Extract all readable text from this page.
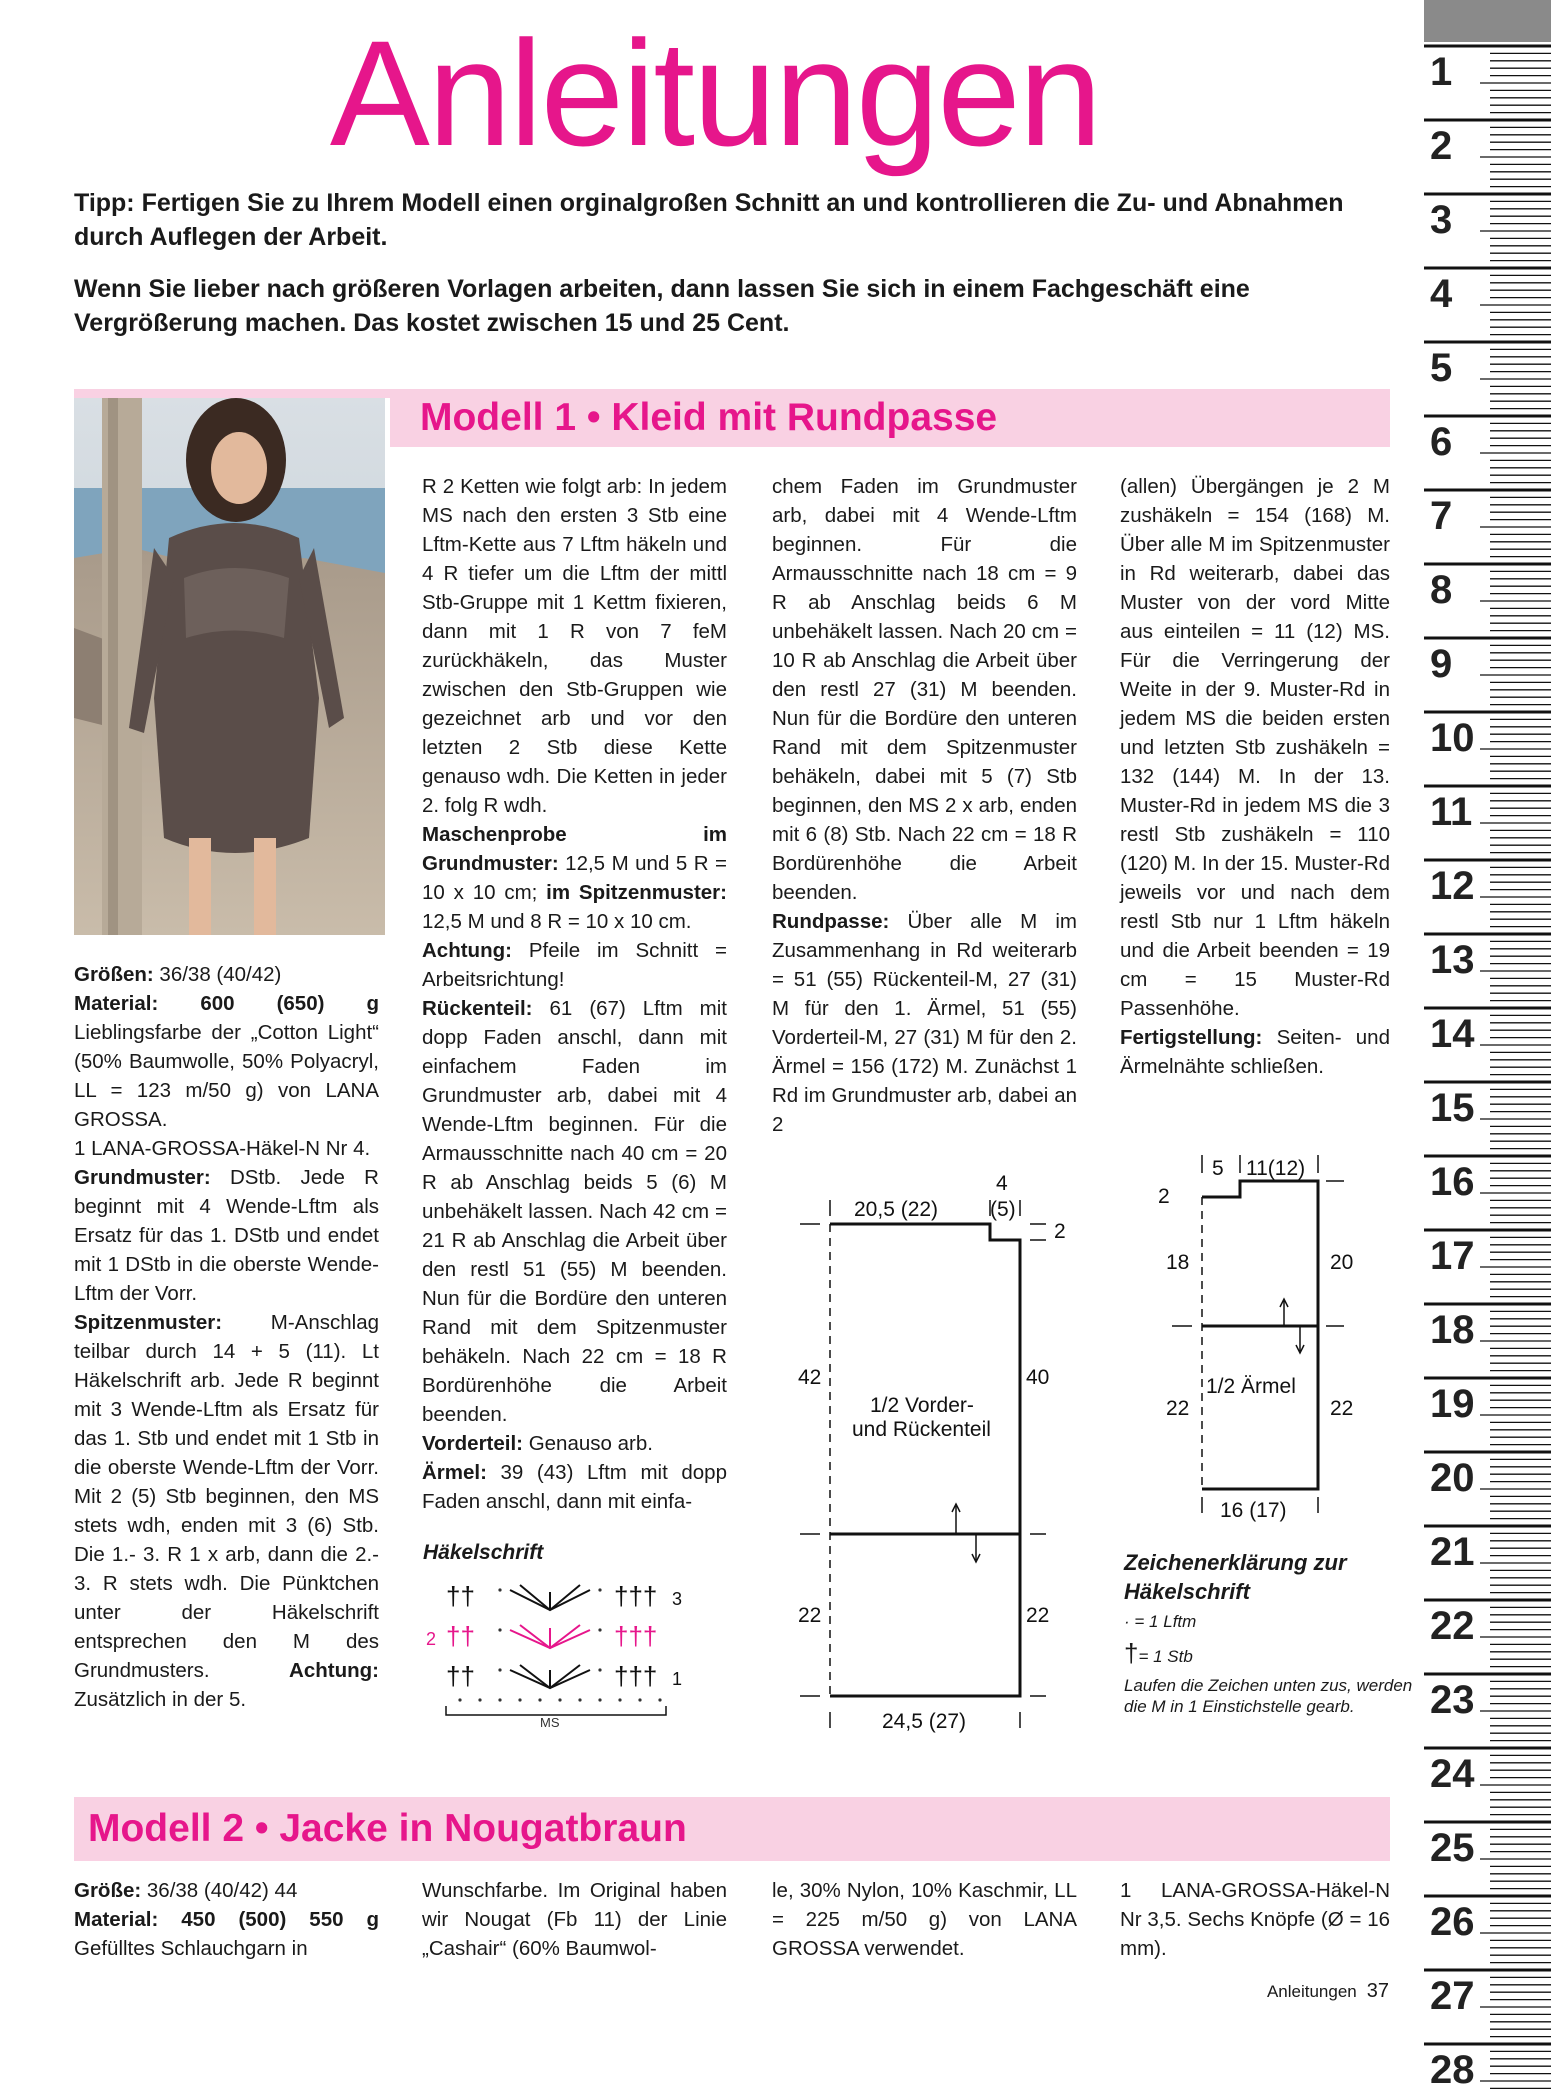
Anleitungen
Tipp: Fertigen Sie zu Ihrem Modell einen orginalgroßen Schnitt an und kontrollieren die Zu- und Abnahmen durch Auflegen der Arbeit.
Wenn Sie lieber nach größeren Vorlagen arbeiten, dann lassen Sie sich in einem Fachgeschäft eine Vergrößerung machen. Das kostet zwischen 15 und 25 Cent.
Modell 1 • Kleid mit Rundpasse

Größen: 36/38 (40/42)

Material: 600 (650) g Lieblingsfarbe der „Cotton Light“ (50% Baumwolle, 50% Polyacryl, LL = 123 m/50 g) von LANA GROSSA.

1 LANA-GROSSA-Häkel-N Nr 4.

Grundmuster: DStb. Jede R beginnt mit 4 Wende-Lftm als Ersatz für das 1. DStb und endet mit 1 DStb in die oberste Wende-Lftm der Vorr.

Spitzenmuster: M-Anschlag teilbar durch 14 + 5 (11). Lt Häkelschrift arb. Jede R beginnt mit 3 Wende-Lftm als Ersatz für das 1. Stb und endet mit 1 Stb in die oberste Wende-Lftm der Vorr. Mit 2 (5) Stb beginnen, den MS stets wdh, enden mit 3 (6) Stb. Die 1.- 3. R 1 x arb, dann die 2.- 3. R stets wdh. Die Pünktchen unter der Häkelschrift entsprechen den M des Grundmusters.	Achtung: Zusätzlich in der 5.

R 2 Ketten wie folgt arb: In jedem MS nach den ersten 3 Stb eine Lftm-Kette aus 7 Lftm häkeln und 4 R tiefer um die Lftm der mittl Stb-Gruppe mit 1 Kettm fixieren, dann mit 1 R von 7 feM zurückhäkeln, das Muster zwischen den Stb-Gruppen wie gezeichnet arb und vor den letzten 2 Stb diese Kette genauso wdh. Die Ketten in jeder 2. folg R wdh.

Maschenprobe im Grundmuster: 12,5 M und 5 R = 10 x 10 cm; im Spitzenmuster: 12,5 M und 8 R = 10 x 10 cm.

Achtung: Pfeile im Schnitt = Arbeitsrichtung!

Rückenteil: 61 (67) Lftm mit dopp Faden anschl, dann mit einfachem Faden im Grundmuster arb, dabei mit 4 Wende-Lftm beginnen. Für die Armausschnitte nach 40 cm = 20 R ab Anschlag beids 5 (6) M unbehäkelt lassen. Nach 42 cm = 21 R ab Anschlag die Arbeit über den restl 51 (55) M beenden. Nun für die Bordüre den unteren Rand mit dem Spitzenmuster behäkeln. Nach 22 cm = 18 R Bordürenhöhe die Arbeit beenden.

Vorderteil: Genauso arb.

Ärmel: 39 (43) Lftm mit dopp Faden anschl, dann mit einfa-

chem Faden im Grundmuster arb, dabei mit 4 Wende-Lftm beginnen. Für die Armausschnitte nach 18 cm = 9 R ab Anschlag beids 6 M unbehäkelt lassen. Nach 20 cm = 10 R ab Anschlag die Arbeit über den restl 27 (31) M beenden. Nun für die Bordüre den unteren Rand mit dem Spitzenmuster behäkeln, dabei mit 5 (7) Stb beginnen, den MS 2 x arb, enden mit 6 (8) Stb. Nach 22 cm = 18 R Bordürenhöhe die Arbeit beenden.

Rundpasse: Über alle M im Zusammenhang in Rd weiterarb = 51 (55) Rückenteil-M, 27 (31) M für den 1. Ärmel, 51 (55) Vorderteil-M, 27 (31) M für den 2. Ärmel = 156 (172) M. Zunächst 1 Rd im Grundmuster arb, dabei an 2

(allen) Übergängen je 2 M zushäkeln = 154 (168) M. Über alle M im Spitzenmuster in Rd weiterarb, dabei das Muster von der vord Mitte aus einteilen = 11 (12) MS. Für die Verringerung der Weite in der 9. Muster-Rd in jedem MS die beiden ersten und letzten Stb zushäkeln = 132 (144) M. In der 13. Muster-Rd in jedem MS die 3 restl Stb zushäkeln = 110 (120) M. In der 15. Muster-Rd jeweils vor und nach dem restl Stb nur 1 Lftm häkeln und die Arbeit beenden = 19 cm = 15 Muster-Rd Passenhöhe.

Fertigstellung: Seiten- und Ärmelnähte schließen.

Häkelschrift
††	†††
††	†††
††	†††
MS
3
2
1
20,5 (22)
4
(5)
2
42	40
22	22
24,5 (27)
1/2 Vorder-
und Rückenteil
5 11(12)
2
18	20
22	22
1/2 Ärmel
16 (17)
Zeichenerklärung zur
Häkelschrift
· = 1 Lftm
†= 1 Stb
Laufen die Zeichen unten zus, werden die M in 1 Einstichstelle gearb.
Modell 2 • Jacke in Nougatbraun

Größe: 36/38 (40/42) 44

Material: 450 (500) 550 g Gefülltes Schlauchgarn in

Wunschfarbe. Im Original haben wir Nougat (Fb 11) der Linie „Cashair“ (60% Baumwol-

le, 30% Nylon, 10% Kaschmir, LL = 225 m/50 g) von LANA GROSSA verwendet.

1 LANA-GROSSA-Häkel-N Nr 3,5. Sechs Knöpfe (Ø = 16 mm).

Anleitungen 37
1
2
3
4
5
6
7
8
9
10
11
12
13
14
15
16
17
18
19
20
21
22
23
24
25
26
27
28
